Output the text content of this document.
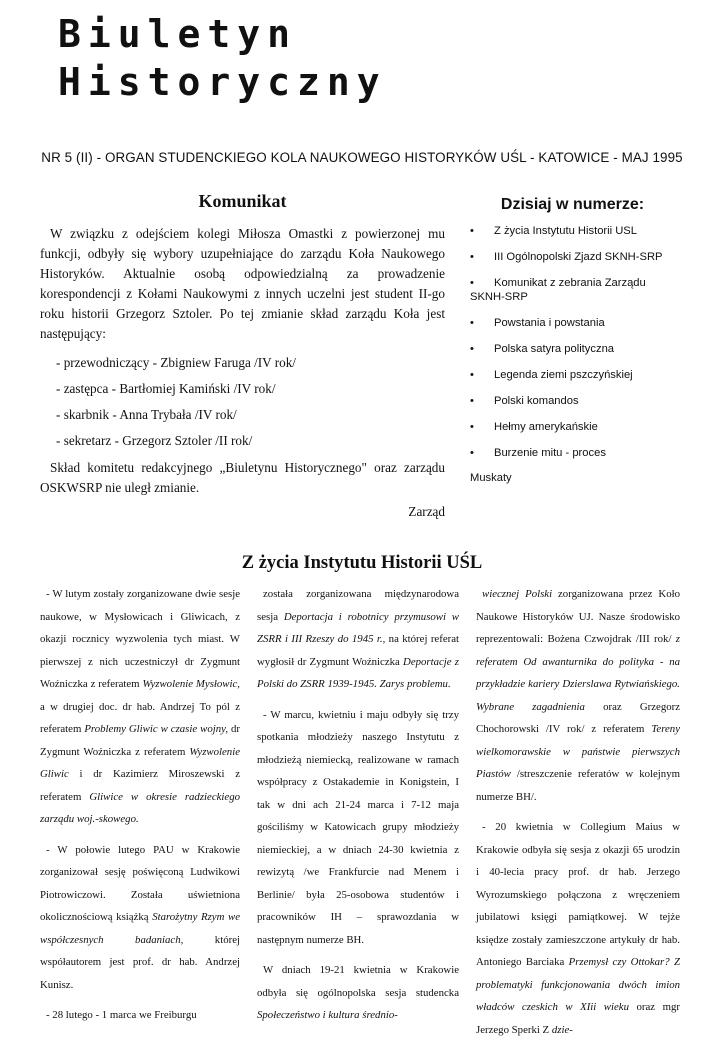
Biuletyn
Historyczny
NR 5 (II) - ORGAN STUDENCKIEGO KOLA NAUKOWEGO HISTORYKÓW UŚL - KATOWICE - MAJ 1995
Komunikat

W związku z odejściem kolegi Miłosza Omastki z powierzonej mu funkcji, odbyły się wybory uzupełniające do zarządu Koła Naukowego Historyków. Aktualnie osobą odpowiedzialną za prowadzenie korespondencji z Kołami Naukowymi z innych uczelni jest student II-go roku historii Grzegorz Sztoler. Po tej zmianie skład zarządu Koła jest następujący:

- przewodniczący - Zbigniew Faruga /IV rok/
- zastępca - Bartłomiej Kamiński /IV rok/
- skarbnik - Anna Trybała /IV rok/
- sekretarz - Grzegorz Sztoler /II rok/

Skład komitetu redakcyjnego „Biuletynu Historycznego" oraz zarządu OSKWSRP nie uległ zmianie.

Zarząd
Dzisiaj w numerze:
• Z życia Instytutu Historii USL
• III Ogólnopolski Zjazd SKNH-SRP
• Komunikat z zebrania Zarządu SKNH-SRP
• Powstania i powstania
• Polska satyra polityczna
• Legenda ziemi pszczyńskiej
• Polski komandos
• Hełmy amerykańskie
• Burzenie mitu - proces
Muskaty
Z życia Instytutu Historii UŚL

- W lutym zostały zorganizowane dwie sesje naukowe, w Mysłowicach i Gliwicach, z okazji rocznicy wyzwolenia tych miast. W pierwszej z nich uczestniczył dr Zygmunt Woźniczka z referatem Wyzwolenie Mysłowic, a w drugiej doc. dr hab. Andrzej To pól z referatem Problemy Gliwic w czasie wojny, dr Zygmunt Woźniczka z referatem Wyzwolenie Gliwic i dr Kazimierz Miroszewski z referatem Gliwice w okresie radzieckiego zarządu woj.-skowego.

- W połowie lutego PAU w Krakowie zorganizował sesję poświęconą Ludwikowi Piotrowiczowi. Została uświetniona okolicznościową książką Starożytny Rzym we współczesnych badaniach, której współautorem jest prof. dr hab. Andrzej Kunisz.

- 28 lutego - 1 marca we Freiburgu

została zorganizowana międzynarodowa sesja Deportacja i robotnicy przymusowi w ZSRR i III Rzeszy do 1945 r., na której referat wygłosił dr Zygmunt Woźniczka Deportacje z Polski do ZSRR 1939-1945. Zarys problemu.

- W marcu, kwietniu i maju odbyły się trzy spotkania młodzieży naszego Instytutu z młodzieżą niemiecką, realizowane w ramach współpracy z Ostakademie in Konigstein, I tak w dni ach 21-24 marca i 7-12 maja gościliśmy w Katowicach grupy młodzieży niemieckiej, a w dniach 24-30 kwietnia z rewizytą /we Frankfurcie nad Menem i Berlinie/ była 25-osobowa studentów i pracowników IH – sprawozdania w następnym numerze BH.

W dniach 19-21 kwietnia w Krakowie odbyła się ogólnopolska sesja studencka Społeczeństwo i kultura średnio-

wiecznej Polski zorganizowana przez Koło Naukowe Historyków UJ. Nasze środowisko reprezentowali: Bożena Czwojdrak /III rok/ z referatem Od awanturnika do polityka - na przykładzie kariery Dzierslawa Rytwiańskiego. Wybrane zagadnienia oraz Grzegorz Chochorowski /IV rok/ z referatem Tereny wielkomorawskie w państwie pierwszych Piastów /streszczenie referatów w kolejnym numerze BH/.

- 20 kwietnia w Collegium Maius w Krakowie odbyła się sesja z okazji 65 urodzin i 40-lecia pracy prof. dr hab. Jerzego Wyrozumskiego połączona z wręczeniem jubilatowi księgi pamiątkowej. W tejże księdze zostały zamieszczone artykuły dr hab. Antoniego Barciaka Przemysł czy Ottokar? Z problematyki funkcjonowania dwóch imion władców czeskich w XIii wieku oraz mgr Jerzego Sperki Z dzie-
